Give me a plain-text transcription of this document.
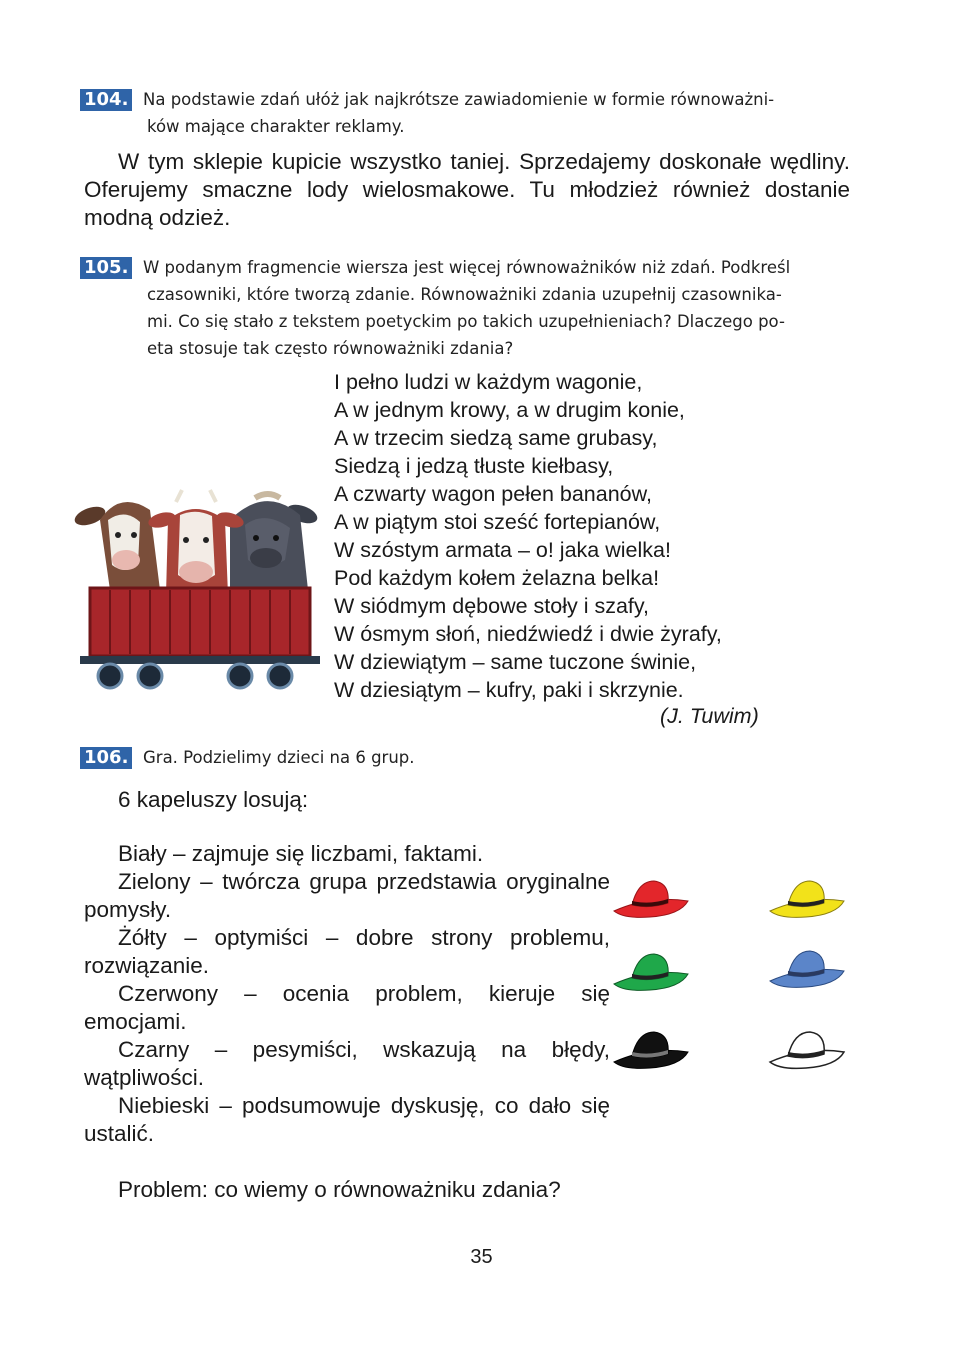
104. Na podstawie zdań ułóż jak najkrótsze zawiadomienie w formie równoważni-
ków mające charakter reklamy.

W tym sklepie kupicie wszystko taniej. Sprzedajemy doskonałe wędliny. Oferujemy smaczne lody wielosmakowe. Tu młodzież również dostanie modną odzież.

105. W podanym fragmencie wiersza jest więcej równoważników niż zdań. Podkreśl
czasowniki, które tworzą zdanie. Równoważniki zdania uzupełnij czasownika-
mi. Co się stało z tekstem poetyckim po takich uzupełnieniach? Dlaczego po-
eta stosuje tak często równoważniki zdania?
I pełno ludzi w każdym wagonie,
A w jednym krowy, a w drugim konie,
A w trzecim siedzą same grubasy,
Siedzą i jedzą tłuste kiełbasy,
A czwarty wagon pełen bananów,
A w piątym stoi sześć fortepianów,
W szóstym armata – o! jaka wielka!
Pod każdym kołem żelazna belka!
W siódmym dębowe stoły i szafy,
W ósmym słoń, niedźwiedź i dwie żyrafy,
W dziewiątym – same tuczone świnie,
W dziesiątym – kufry, paki i skrzynie.
(J. Tuwim)
106. Gra. Podzielimy dzieci na 6 grup.
6 kapeluszy losują:

Biały – zajmuje się liczbami, faktami.

Zielony – twórcza grupa przedstawia oryginalne pomysły.

Żółty – optymiści – dobre strony problemu, rozwiązanie.

Czerwony – ocenia problem, kieruje się emocjami.

Czarny – pesymiści, wskazują na błędy, wątpliwości.

Niebieski – podsumowuje dyskusję, co dało się ustalić.

Problem: co wiemy o równoważniku zdania?
35
